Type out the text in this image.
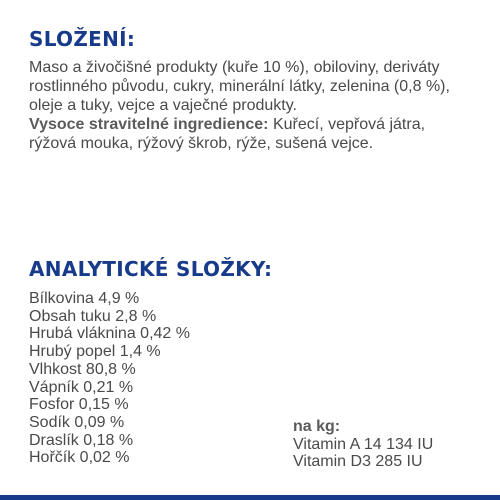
SLOŽENÍ:

Maso a živočišné produkty (kuře 10 %), obiloviny, deriváty rostlinného původu, cukry, minerální látky, zelenina (0,8 %), oleje a tuky, vejce a vaječné produkty.

Vysoce stravitelné ingredience: Kuřecí, vepřová játra, rýžová mouka, rýžový škrob, rýže, sušená vejce.

ANALYTICKÉ SLOŽKY:
Bílkovina 4,9 %
Obsah tuku 2,8 %
Hrubá vláknina 0,42 %
Hrubý popel 1,4 %
Vlhkost 80,8 %
Vápník 0,21 %
Fosfor 0,15 %
Sodík 0,09 %
Draslík 0,18 %
Hořčík 0,02 %
na kg:
Vitamin A 14 134 IU
Vitamin D3 285 IU
